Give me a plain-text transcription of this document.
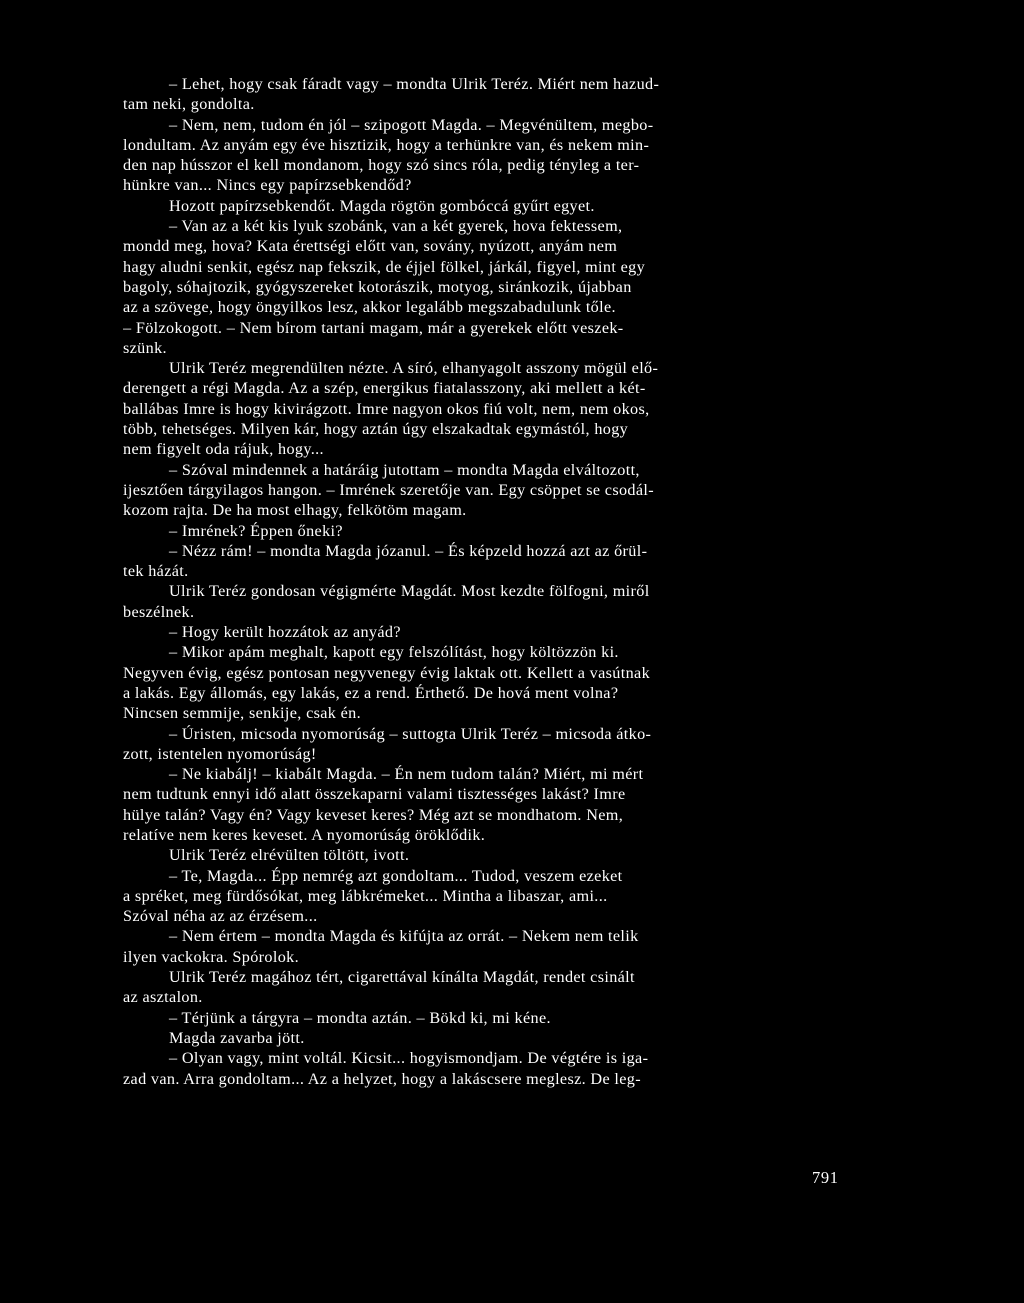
– Lehet, hogy csak fáradt vagy – mondta Ulrik Teréz. Miért nem hazud-
tam neki, gondolta.
– Nem, nem, tudom én jól – szipogott Magda. – Megvénültem, megbo-
londultam. Az anyám egy éve hisztizik, hogy a terhünkre van, és nekem min-
den nap hússzor el kell mondanom, hogy szó sincs róla, pedig tényleg a ter-
hünkre van... Nincs egy papírzsebkendőd?
Hozott papírzsebkendőt. Magda rögtön gombóccá gyűrt egyet.
– Van az a két kis lyuk szobánk, van a két gyerek, hova fektessem,
mondd meg, hova? Kata érettségi előtt van, sovány, nyúzott, anyám nem
hagy aludni senkit, egész nap fekszik, de éjjel fölkel, járkál, figyel, mint egy
bagoly, sóhajtozik, gyógyszereket kotorászik, motyog, siránkozik, újabban
az a szövege, hogy öngyilkos lesz, akkor legalább megszabadulunk tőle.
– Fölzokogott. – Nem bírom tartani magam, már a gyerekek előtt veszek-
szünk.
Ulrik Teréz megrendülten nézte. A síró, elhanyagolt asszony mögül elő-
derengett a régi Magda. Az a szép, energikus fiatalasszony, aki mellett a két-
ballábas Imre is hogy kivirágzott. Imre nagyon okos fiú volt, nem, nem okos,
több, tehetséges. Milyen kár, hogy aztán úgy elszakadtak egymástól, hogy
nem figyelt oda rájuk, hogy...
– Szóval mindennek a határáig jutottam – mondta Magda elváltozott,
ijesztően tárgyilagos hangon. – Imrének szeretője van. Egy csöppet se csodál-
kozom rajta. De ha most elhagy, felkötöm magam.
– Imrének? Éppen őneki?
– Nézz rám! – mondta Magda józanul. – És képzeld hozzá azt az őrül-
tek házát.
Ulrik Teréz gondosan végigmérte Magdát. Most kezdte fölfogni, miről
beszélnek.
– Hogy került hozzátok az anyád?
– Mikor apám meghalt, kapott egy felszólítást, hogy költözzön ki.
Negyven évig, egész pontosan negyvenegy évig laktak ott. Kellett a vasútnak
a lakás. Egy állomás, egy lakás, ez a rend. Érthető. De hová ment volna?
Nincsen semmije, senkije, csak én.
– Úristen, micsoda nyomorúság – suttogta Ulrik Teréz – micsoda átko-
zott, istentelen nyomorúság!
– Ne kiabálj! – kiabált Magda. – Én nem tudom talán? Miért, mi mért
nem tudtunk ennyi idő alatt összekaparni valami tisztességes lakást? Imre
hülye talán? Vagy én? Vagy keveset keres? Még azt se mondhatom. Nem,
relatíve nem keres keveset. A nyomorúság öröklődik.
Ulrik Teréz elrévülten töltött, ivott.
– Te, Magda... Épp nemrég azt gondoltam... Tudod, veszem ezeket
a spréket, meg fürdősókat, meg lábkrémeket... Mintha a libaszar, ami...
Szóval néha az az érzésem...
– Nem értem – mondta Magda és kifújta az orrát. – Nekem nem telik
ilyen vackokra. Spórolok.
Ulrik Teréz magához tért, cigarettával kínálta Magdát, rendet csinált
az asztalon.
– Térjünk a tárgyra – mondta aztán. – Bökd ki, mi kéne.
Magda zavarba jött.
– Olyan vagy, mint voltál. Kicsit... hogyismondjam. De végtére is iga-
zad van. Arra gondoltam... Az a helyzet, hogy a lakáscsere meglesz. De leg-
791
